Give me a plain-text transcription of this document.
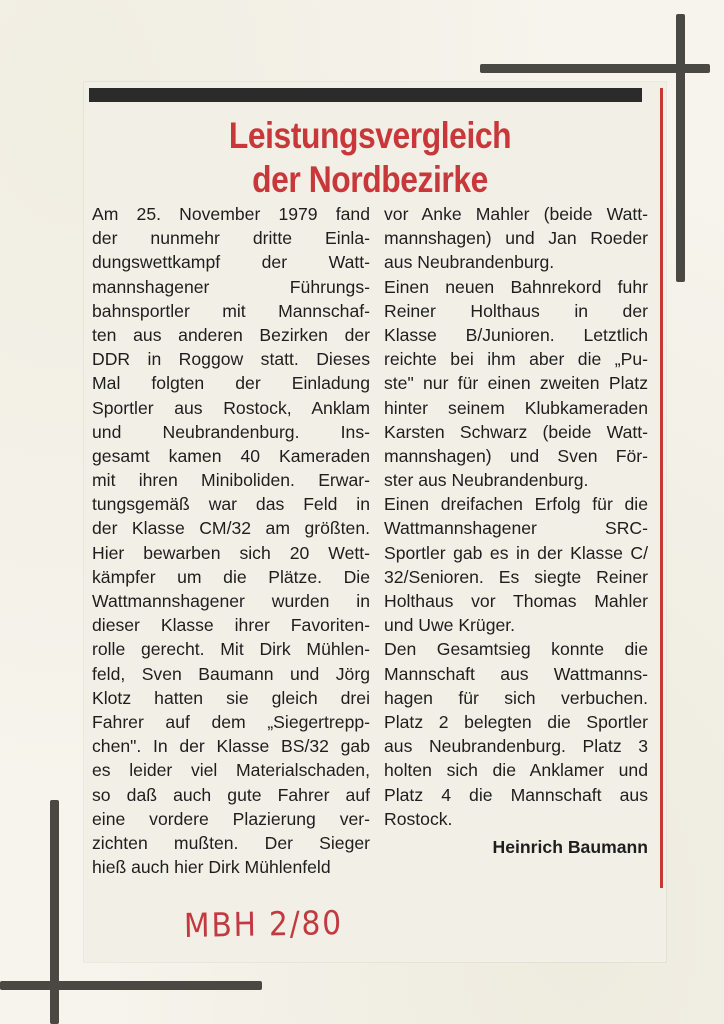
Leistungsvergleich
der Nordbezirke
Am 25. November 1979 fand
der nunmehr dritte Einla-
dungswettkampf der Watt-
mannshagener Führungs-
bahnsportler mit Mannschaf-
ten aus anderen Bezirken der
DDR in Roggow statt. Dieses
Mal folgten der Einladung
Sportler aus Rostock, Anklam
und Neubrandenburg. Ins-
gesamt kamen 40 Kameraden
mit ihren Miniboliden. Erwar-
tungsgemäß war das Feld in
der Klasse CM/32 am größten.
Hier bewarben sich 20 Wett-
kämpfer um die Plätze. Die
Wattmannshagener wurden in
dieser Klasse ihrer Favoriten-
rolle gerecht. Mit Dirk Mühlen-
feld, Sven Baumann und Jörg
Klotz hatten sie gleich drei
Fahrer auf dem „Siegertrepp-
chen". In der Klasse BS/32 gab
es leider viel Materialschaden,
so daß auch gute Fahrer auf
eine vordere Plazierung ver-
zichten mußten. Der Sieger
hieß auch hier Dirk Mühlenfeld
vor Anke Mahler (beide Watt-
mannshagen) und Jan Roeder
aus Neubrandenburg.
Einen neuen Bahnrekord fuhr
Reiner Holthaus in der
Klasse B/Junioren. Letztlich
reichte bei ihm aber die „Pu-
ste" nur für einen zweiten Platz
hinter seinem Klubkameraden
Karsten Schwarz (beide Watt-
mannshagen) und Sven För-
ster aus Neubrandenburg.
Einen dreifachen Erfolg für die
Wattmannshagener SRC-
Sportler gab es in der Klasse C/
32/Senioren. Es siegte Reiner
Holthaus vor Thomas Mahler
und Uwe Krüger.
Den Gesamtsieg konnte die
Mannschaft aus Wattmanns-
hagen für sich verbuchen.
Platz 2 belegten die Sportler
aus Neubrandenburg. Platz 3
holten sich die Anklamer und
Platz 4 die Mannschaft aus
Rostock.
Heinrich Baumann
MBH 2/80
